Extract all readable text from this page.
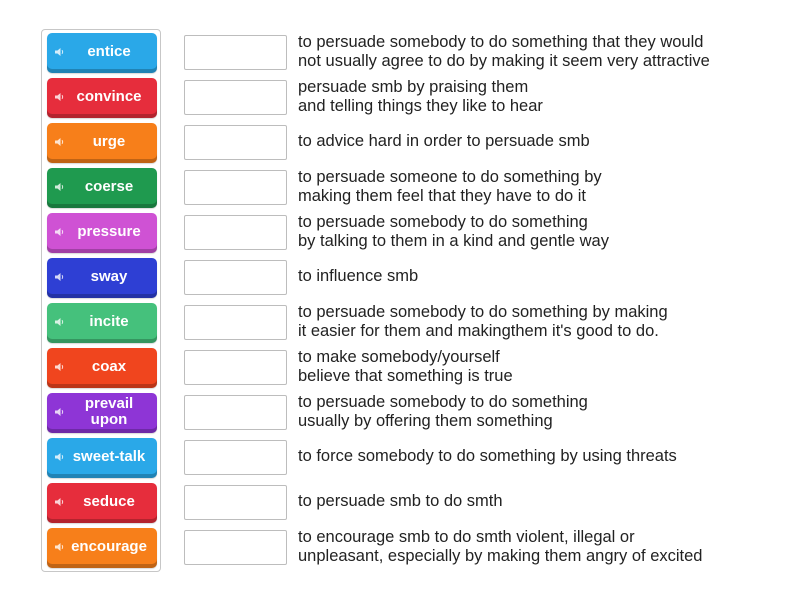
entice
convince
urge
coerse
pressure
sway
incite
coax
prevail upon
sweet-talk
seduce
encourage
to persuade somebody to do something that they would
not usually agree to do by making it seem very attractive
persuade smb by praising them
and telling things they like to hear
to advice hard in order to persuade smb
to persuade someone to do something by
making them feel that they have to do it
to persuade somebody to do something
by talking to them in a kind and gentle way
to influence smb
to persuade somebody to do something by making
it easier for them and makingthem it's good to do.
to make somebody/yourself
believe that something is true
to persuade somebody to do something
usually by offering them something
to force somebody to do something by using threats
to persuade smb to do smth
to encourage smb to do smth violent, illegal or
unpleasant, especially by making them angry of excited
